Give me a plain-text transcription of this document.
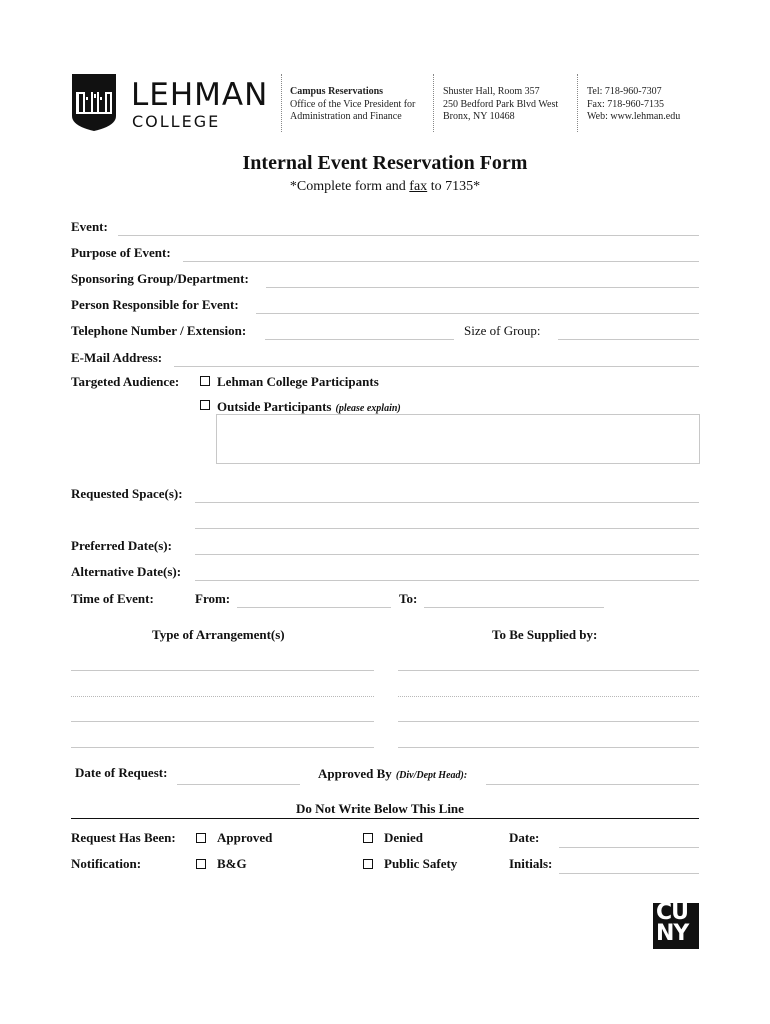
LEHMAN
COLLEGE
Campus Reservations
Office of the Vice President for
Administration and Finance
Shuster Hall, Room 357
250 Bedford Park Blvd West
Bronx, NY 10468
Tel: 718-960-7307
Fax: 718-960-7135
Web: www.lehman.edu
Internal Event Reservation Form
*Complete form and fax to 7135*
Event:
Purpose of Event:
Sponsoring Group/Department:
Person Responsible for Event:
Telephone Number / Extension:	Size of Group:
E-Mail Address:
Targeted Audience:	Lehman College Participants
Outside Participants (please explain)
Requested Space(s):
Preferred Date(s):
Alternative Date(s):
Time of Event:	From:	To:
Type of Arrangement(s)	To Be Supplied by:
Date of Request:	Approved By (Div/Dept Head):
Do Not Write Below This Line
Request Has Been:	Approved	Denied	Date:
Notification:	B&G	Public Safety	Initials:
CU
NY
